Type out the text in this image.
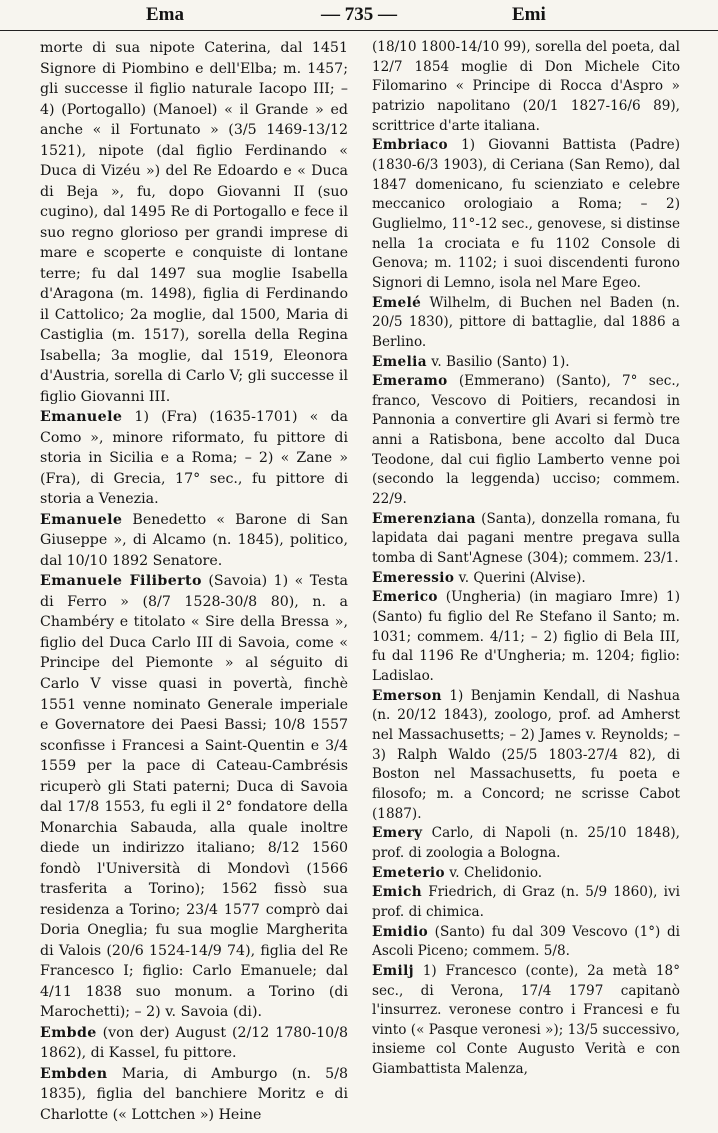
Ema	— 735 —	Emi

morte di sua nipote Caterina, dal 1451 Signore di Piombino e dell'Elba; m. 1457; gli successe il figlio naturale Iacopo III; – 4) (Portogallo) (Manoel) « il Grande » ed anche « il Fortunato » (3/5 1469-13/12 1521), nipote (dal figlio Ferdinando « Duca di Vizéu ») del Re Edoardo e « Duca di Beja », fu, dopo Giovanni II (suo cugino), dal 1495 Re di Portogallo e fece il suo regno glorioso per grandi imprese di mare e scoperte e conquiste di lontane terre; fu dal 1497 sua moglie Isabella d'Aragona (m. 1498), figlia di Ferdinando il Cattolico; 2a moglie, dal 1500, Maria di Castiglia (m. 1517), sorella della Regina Isabella; 3a moglie, dal 1519, Eleonora d'Austria, sorella di Carlo V; gli successe il figlio Giovanni III.

Emanuele 1) (Fra) (1635-1701) « da Como », minore riformato, fu pittore di storia in Sicilia e a Roma; – 2) « Zane » (Fra), di Grecia, 17° sec., fu pittore di storia a Venezia.

Emanuele Benedetto « Barone di San Giuseppe », di Alcamo (n. 1845), politico, dal 10/10 1892 Senatore.

Emanuele Filiberto (Savoia) 1) « Testa di Ferro » (8/7 1528-30/8 80), n. a Chambéry e titolato « Sire della Bressa », figlio del Duca Carlo III di Savoia, come « Principe del Piemonte » al séguito di Carlo V visse quasi in povertà, finchè 1551 venne nominato Generale imperiale e Governatore dei Paesi Bassi; 10/8 1557 sconfisse i Francesi a Saint-Quentin e 3/4 1559 per la pace di Cateau-Cambrésis ricuperò gli Stati paterni; Duca di Savoia dal 17/8 1553, fu egli il 2° fondatore della Monarchia Sabauda, alla quale inoltre diede un indirizzo italiano; 8/12 1560 fondò l'Università di Mondovì (1566 trasferita a Torino); 1562 fissò sua residenza a Torino; 23/4 1577 comprò dai Doria Oneglia; fu sua moglie Margherita di Valois (20/6 1524-14/9 74), figlia del Re Francesco I; figlio: Carlo Emanuele; dal 4/11 1838 suo monum. a Torino (di Marochetti); – 2) v. Savoia (di).

Embde (von der) August (2/12 1780-10/8 1862), di Kassel, fu pittore.

Embden Maria, di Amburgo (n. 5/8 1835), figlia del banchiere Moritz e di Charlotte (« Lottchen ») Heine

(18/10 1800-14/10 99), sorella del poeta, dal 12/7 1854 moglie di Don Michele Cito Filomarino « Principe di Rocca d'Aspro » patrizio napolitano (20/1 1827-16/6 89), scrittrice d'arte italiana.

Embriaco 1) Giovanni Battista (Padre) (1830-6/3 1903), di Ceriana (San Remo), dal 1847 domenicano, fu scienziato e celebre meccanico orologiaio a Roma; – 2) Guglielmo, 11°-12 sec., genovese, si distinse nella 1a crociata e fu 1102 Console di Genova; m. 1102; i suoi discendenti furono Signori di Lemno, isola nel Mare Egeo.

Emelé Wilhelm, di Buchen nel Baden (n. 20/5 1830), pittore di battaglie, dal 1886 a Berlino.

Emelia v. Basilio (Santo) 1).

Emeramo (Emmerano) (Santo), 7° sec., franco, Vescovo di Poitiers, recandosi in Pannonia a convertire gli Avari si fermò tre anni a Ratisbona, bene accolto dal Duca Teodone, dal cui figlio Lamberto venne poi (secondo la leggenda) ucciso; commem. 22/9.

Emerenziana (Santa), donzella romana, fu lapidata dai pagani mentre pregava sulla tomba di Sant'Agnese (304); commem. 23/1.

Emeressio v. Querini (Alvise).

Emerico (Ungheria) (in magiaro Imre) 1) (Santo) fu figlio del Re Stefano il Santo; m. 1031; commem. 4/11; – 2) figlio di Bela III, fu dal 1196 Re d'Ungheria; m. 1204; figlio: Ladislao.

Emerson 1) Benjamin Kendall, di Nashua (n. 20/12 1843), zoologo, prof. ad Amherst nel Massachusetts; – 2) James v. Reynolds; – 3) Ralph Waldo (25/5 1803-27/4 82), di Boston nel Massachusetts, fu poeta e filosofo; m. a Concord; ne scrisse Cabot (1887).

Emery Carlo, di Napoli (n. 25/10 1848), prof. di zoologia a Bologna.

Emeterio v. Chelidonio.

Emich Friedrich, di Graz (n. 5/9 1860), ivi prof. di chimica.

Emidio (Santo) fu dal 309 Vescovo (1°) di Ascoli Piceno; commem. 5/8.

Emilj 1) Francesco (conte), 2a metà 18° sec., di Verona, 17/4 1797 capitanò l'insurrez. veronese contro i Francesi e fu vinto (« Pasque veronesi »); 13/5 successivo, insieme col Conte Augusto Verità e con Giambattista Malenza,
